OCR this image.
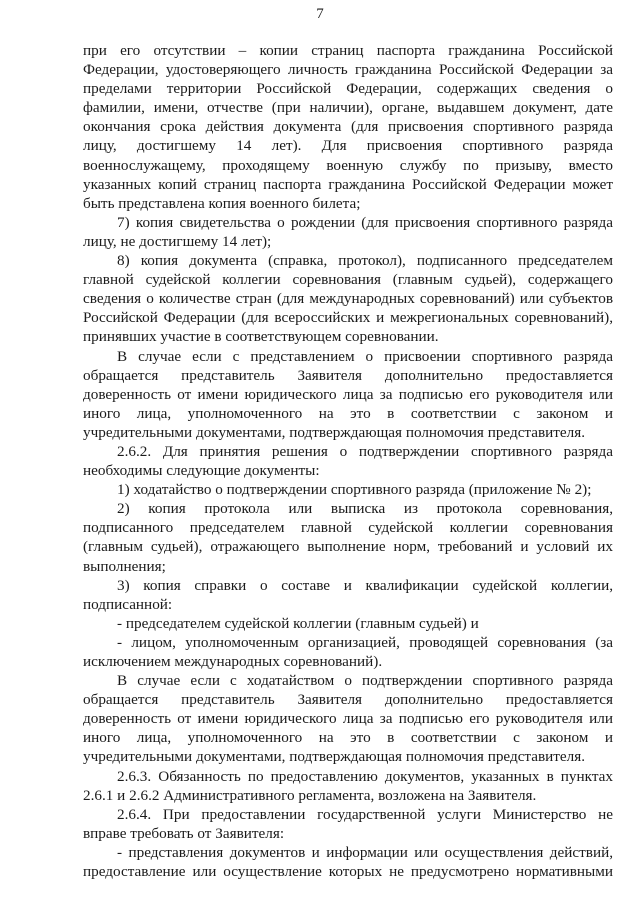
7

при его отсутствии – копии страниц паспорта гражданина Российской

Федерации, удостоверяющего личность гражданина Российской Федерации за

пределами территории Российской Федерации, содержащих сведения о

фамилии, имени, отчестве (при наличии), органе, выдавшем документ, дате

окончания срока действия документа (для присвоения спортивного разряда

лицу, достигшему 14 лет). Для присвоения спортивного разряда

военнослужащему, проходящему военную службу по призыву, вместо

указанных копий страниц паспорта гражданина Российской Федерации может

быть представлена копия военного билета;

7) копия свидетельства о рождении (для присвоения спортивного разряда

лицу, не достигшему 14 лет);

8) копия документа (справка, протокол), подписанного председателем

главной судейской коллегии соревнования (главным судьей), содержащего

сведения о количестве стран (для международных соревнований) или субъектов

Российской Федерации (для всероссийских и межрегиональных соревнований),

принявших участие в соответствующем соревновании.

В случае если с представлением о присвоении спортивного разряда

обращается представитель Заявителя дополнительно предоставляется

доверенность от имени юридического лица за подписью его руководителя или

иного лица, уполномоченного на это в соответствии с законом и

учредительными документами, подтверждающая полномочия представителя.

2.6.2. Для принятия решения о подтверждении спортивного разряда

необходимы следующие документы:

1) ходатайство о подтверждении спортивного разряда (приложение № 2);

2) копия протокола или выписка из протокола соревнования,

подписанного председателем главной судейской коллегии соревнования

(главным судьей), отражающего выполнение норм, требований и условий их

выполнения;

3) копия справки о составе и квалификации судейской коллегии,

подписанной:

- председателем судейской коллегии (главным судьей) и

- лицом, уполномоченным организацией, проводящей соревнования (за

исключением международных соревнований).

В случае если с ходатайством о подтверждении спортивного разряда

обращается представитель Заявителя дополнительно предоставляется

доверенность от имени юридического лица за подписью его руководителя или

иного лица, уполномоченного на это в соответствии с законом и

учредительными документами, подтверждающая полномочия представителя.

2.6.3. Обязанность по предоставлению документов, указанных в пунктах

2.6.1 и 2.6.2 Административного регламента, возложена на Заявителя.

2.6.4. При предоставлении государственной услуги Министерство не

вправе требовать от Заявителя:

- представления документов и информации или осуществления действий,

предоставление или осуществление которых не предусмотрено нормативными
